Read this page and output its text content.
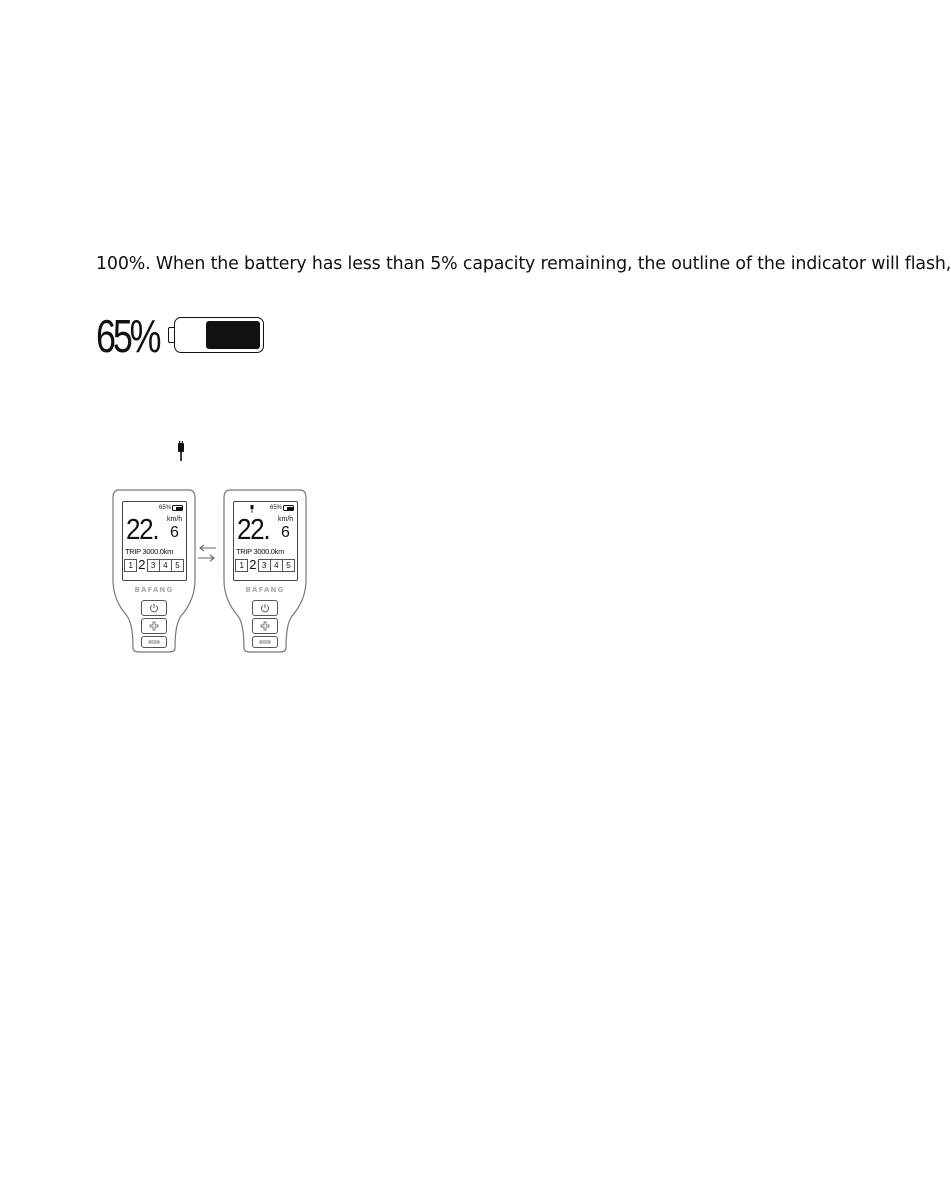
100%. When the battery has less than 5% capacity remaining, the outline of the indicator will flash,
65%
65%
22. km/h
6
TRIP 3000.0km
1 2 3 4 5
BAFANG
65%
22. km/h
6
TRIP 3000.0km
1 2 3 4 5
BAFANG
